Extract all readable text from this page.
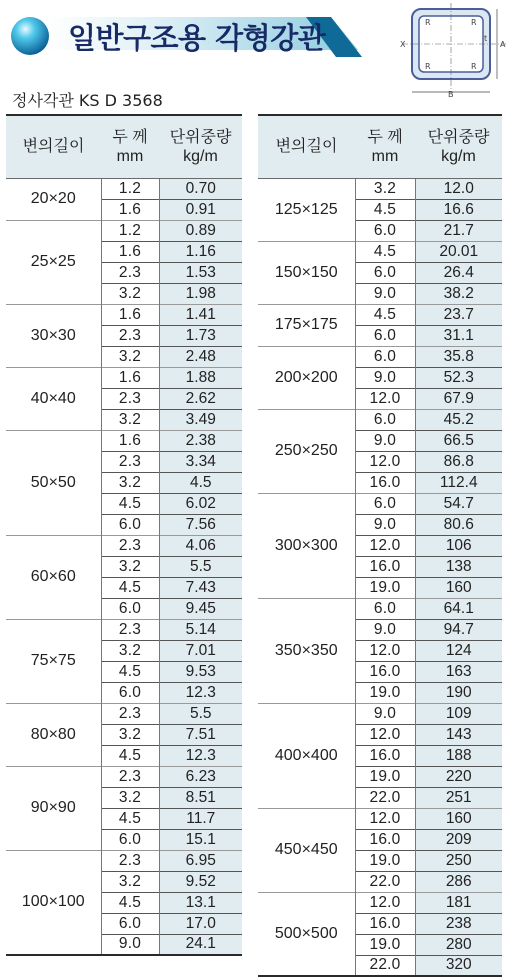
일반구조용 각형강관	R	R
R	R
X
t
A
B
정사각관 KS D 3568
변의길이	두 께
mm	단위중량
kg/m
20×20	1.2	0.70
	1.6	0.91
25×25	1.2	0.89
	1.6	1.16
	2.3	1.53
	3.2	1.98
30×30	1.6	1.41
	2.3	1.73
	3.2	2.48
40×40	1.6	1.88
	2.3	2.62
	3.2	3.49
50×50	1.6	2.38
	2.3	3.34
	3.2	4.5
	4.5	6.02
	6.0	7.56
60×60	2.3	4.06
	3.2	5.5
	4.5	7.43
	6.0	9.45
75×75	2.3	5.14
	3.2	7.01
	4.5	9.53
	6.0	12.3
80×80	2.3	5.5
	3.2	7.51
	4.5	12.3
90×90	2.3	6.23
	3.2	8.51
	4.5	11.7
	6.0	15.1
100×100	2.3	6.95
	3.2	9.52
	4.5	13.1
	6.0	17.0
	9.0	24.1
변의길이	두 께
mm	단위중량
kg/m
125×125	3.2	12.0
	4.5	16.6
	6.0	21.7
150×150	4.5	20.01
	6.0	26.4
	9.0	38.2
175×175	4.5	23.7
	6.0	31.1
200×200	6.0	35.8
	9.0	52.3
	12.0	67.9
250×250	6.0	45.2
	9.0	66.5
	12.0	86.8
	16.0	112.4
300×300	6.0	54.7
	9.0	80.6
	12.0	106
	16.0	138
	19.0	160
350×350	6.0	64.1
	9.0	94.7
	12.0	124
	16.0	163
	19.0	190
400×400	9.0	109
	12.0	143
	16.0	188
	19.0	220
	22.0	251
450×450	12.0	160
	16.0	209
	19.0	250
	22.0	286
500×500	12.0	181
	16.0	238
	19.0	280
	22.0	320
